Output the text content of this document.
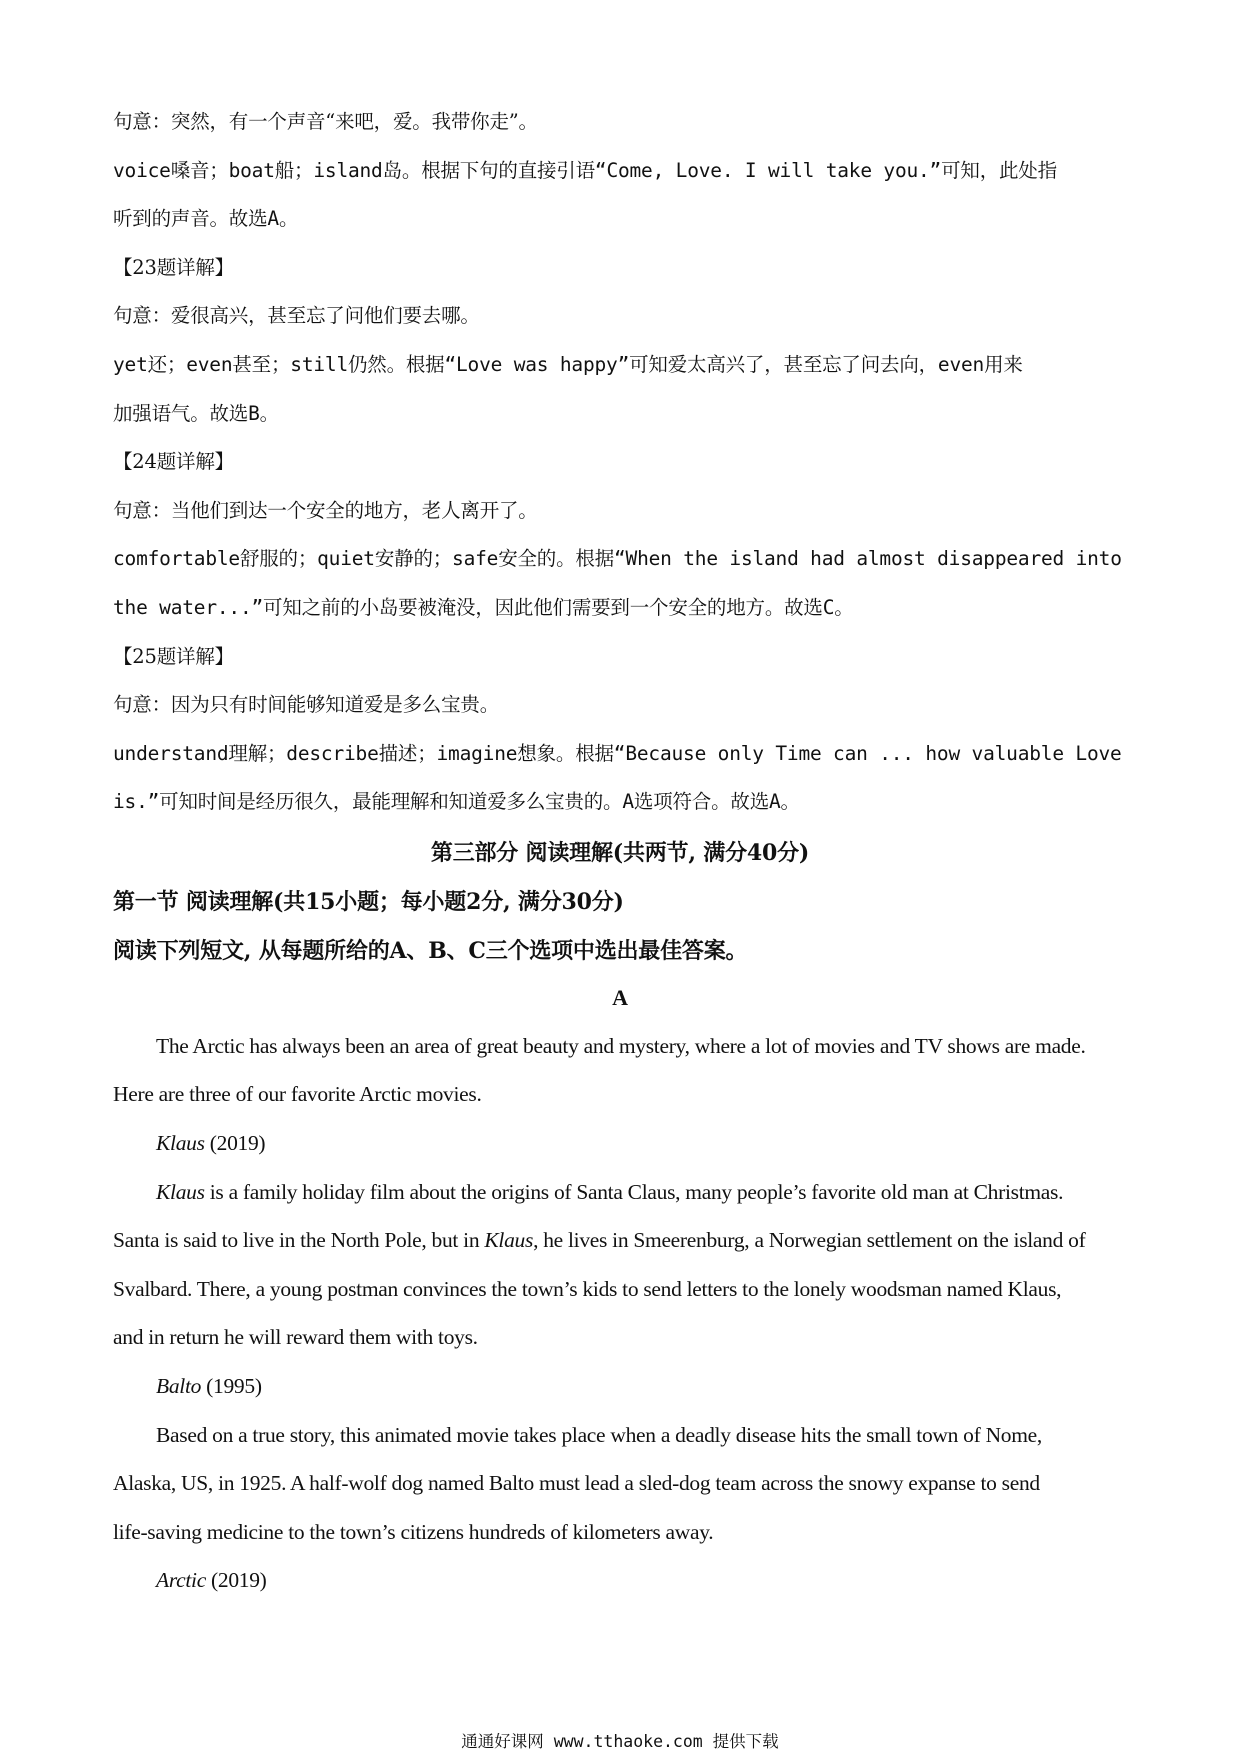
句意：突然，有一个声音“来吧，爱。我带你走”。
voice嗓音；boat船；island岛。根据下句的直接引语“Come, Love. I will take you.”可知，此处指
听到的声音。故选A。
【23题详解】
句意：爱很高兴，甚至忘了问他们要去哪。
yet还；even甚至；still仍然。根据“Love was happy”可知爱太高兴了，甚至忘了问去向，even用来
加强语气。故选B。
【24题详解】
句意：当他们到达一个安全的地方，老人离开了。
comfortable舒服的；quiet安静的；safe安全的。根据“When the island had almost disappeared into
the water...”可知之前的小岛要被淹没，因此他们需要到一个安全的地方。故选C。
【25题详解】
句意：因为只有时间能够知道爱是多么宝贵。
understand理解；describe描述；imagine想象。根据“Because only Time can ... how valuable Love
is.”可知时间是经历很久，最能理解和知道爱多么宝贵的。A选项符合。故选A。
第三部分 阅读理解(共两节, 满分40分)
第一节 阅读理解(共15小题；每小题2分, 满分30分)
阅读下列短文, 从每题所给的A、B、C三个选项中选出最佳答案。
A
The Arctic has always been an area of great beauty and mystery, where a lot of movies and TV shows are made.
Here are three of our favorite Arctic movies.
Klaus (2019)
Klaus is a family holiday film about the origins of Santa Claus, many people’s favorite old man at Christmas.
Santa is said to live in the North Pole, but in Klaus, he lives in Smeerenburg, a Norwegian settlement on the island of
Svalbard. There, a young postman convinces the town’s kids to send letters to the lonely woodsman named Klaus,
and in return he will reward them with toys.
Balto (1995)
Based on a true story, this animated movie takes place when a deadly disease hits the small town of Nome,
Alaska, US, in 1925. A half-wolf dog named Balto must lead a sled-dog team across the snowy expanse to send
life-saving medicine to the town’s citizens hundreds of kilometers away.
Arctic (2019)
通通好课网 www.tthaoke.com 提供下载
